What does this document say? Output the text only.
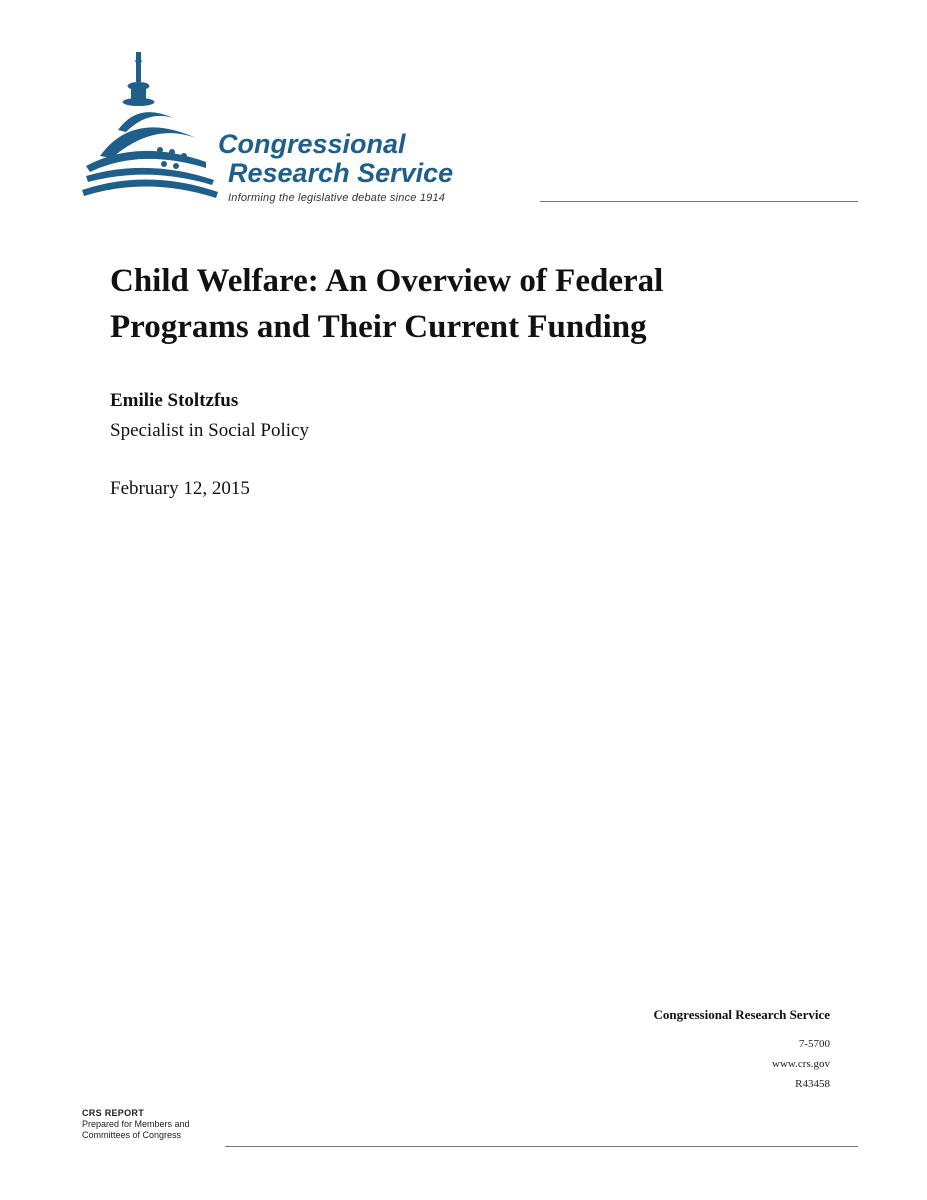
Congressional
Research Service
Informing the legislative debate since 1914
Child Welfare: An Overview of Federal
Programs and Their Current Funding
Emilie Stoltzfus
Specialist in Social Policy
February 12, 2015
Congressional Research Service
7-5700
www.crs.gov
R43458
CRS REPORT
Prepared for Members and
Committees of Congress
